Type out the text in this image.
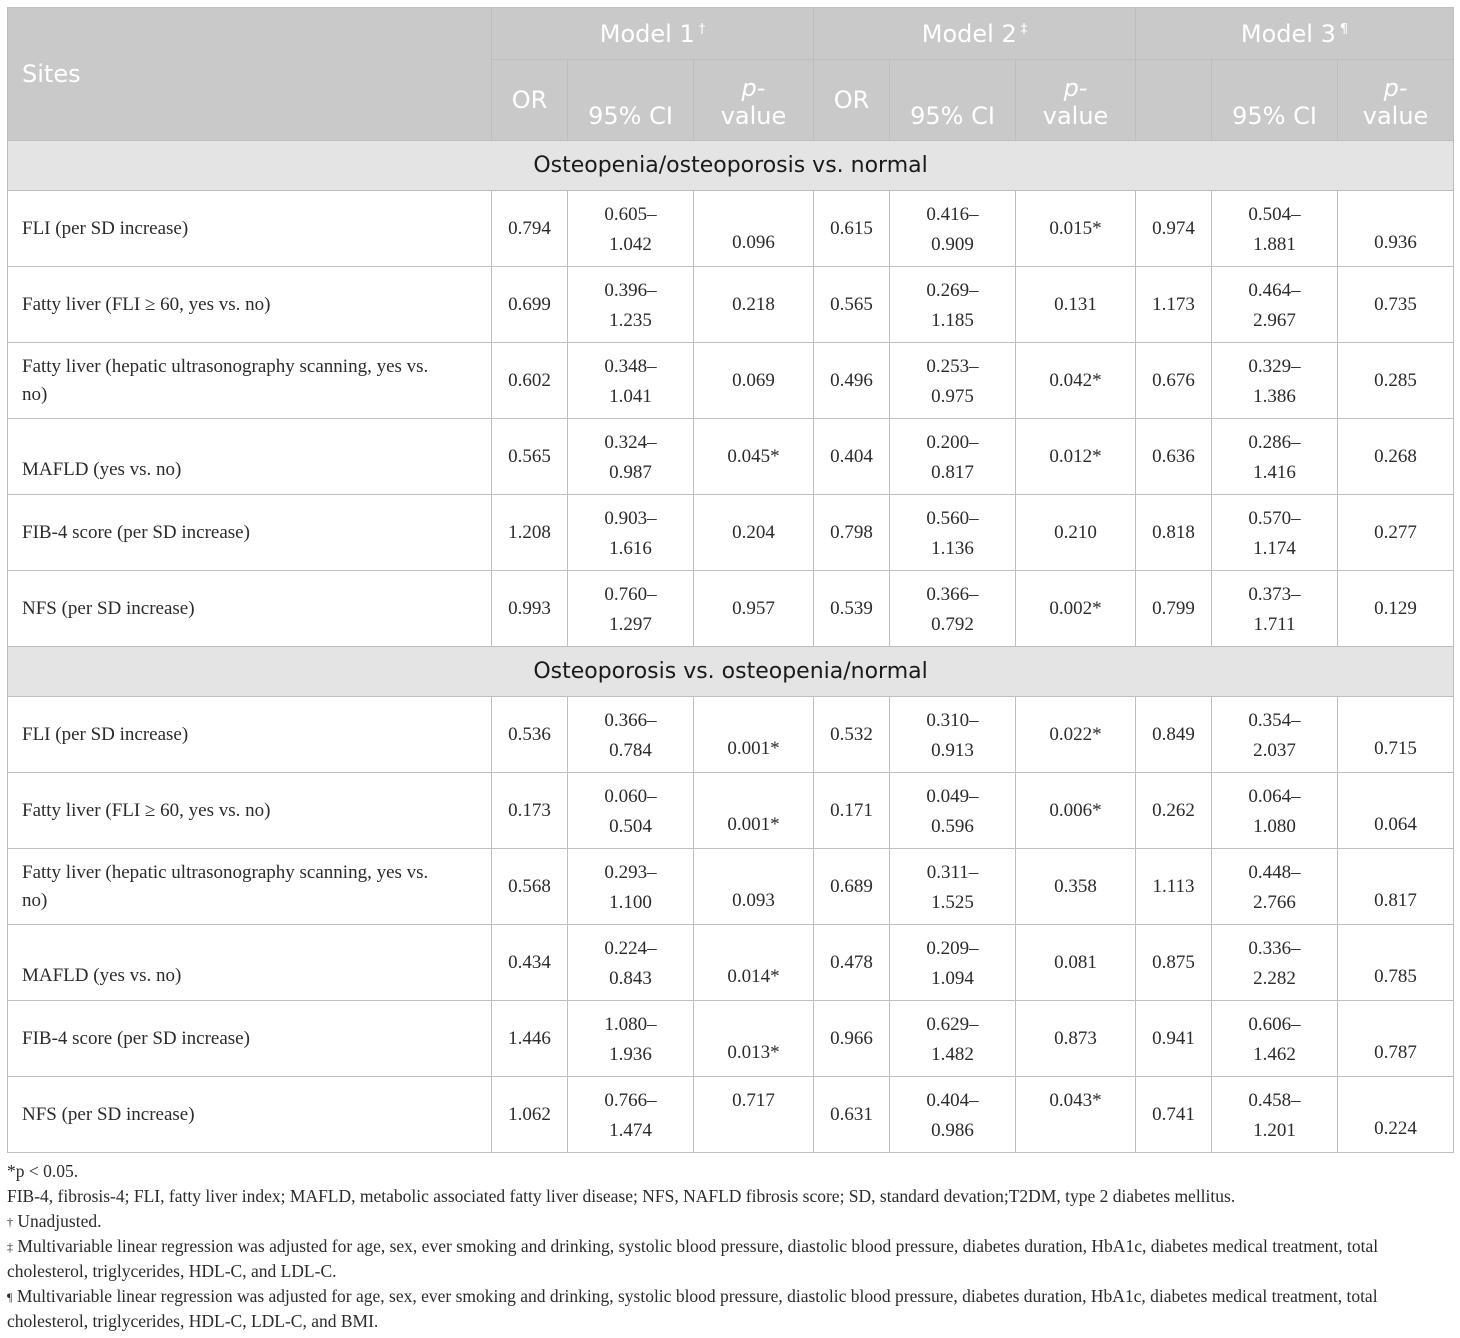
Sites	Model 1 †			Model 2 ‡			Model 3 ¶
	OR	95% CI	p-
value	OR	95% CI	p-
value		95% CI	p-
value

Osteopenia/osteoporosis vs. normal									
FLI (per SD increase)	0.794	0.605–
1.042	0.096	0.615	0.416–
0.909	0.015*	0.974	0.504–
1.881	0.936

Fatty liver (FLI ≥ 60, yes vs. no)	0.699	0.396–
1.235	0.218	0.565	0.269–
1.185	0.131	1.173	0.464–
2.967	0.735

Fatty liver (hepatic ultrasonography scanning, yes vs. no)	0.602	0.348–
1.041	0.069	0.496	0.253–
0.975	0.042*	0.676	0.329–
1.386	0.285

MAFLD (yes vs. no)	0.565	0.324–
0.987	0.045*	0.404	0.200–
0.817	0.012*	0.636	0.286–
1.416	0.268

FIB-4 score (per SD increase)	1.208	0.903–
1.616	0.204	0.798	0.560–
1.136	0.210	0.818	0.570–
1.174	0.277

NFS (per SD increase)	0.993	0.760–
1.297	0.957	0.539	0.366–
0.792	0.002*	0.799	0.373–
1.711	0.129

Osteoporosis vs. osteopenia/normal									
FLI (per SD increase)	0.536	0.366–
0.784	0.001*	0.532	0.310–
0.913	0.022*	0.849	0.354–
2.037	0.715

Fatty liver (FLI ≥ 60, yes vs. no)	0.173	0.060–
0.504	0.001*	0.171	0.049–
0.596	0.006*	0.262	0.064–
1.080	0.064

Fatty liver (hepatic ultrasonography scanning, yes vs. no)	0.568	0.293–
1.100	0.093	0.689	0.311–
1.525	0.358	1.113	0.448–
2.766	0.817

MAFLD (yes vs. no)	0.434	0.224–
0.843	0.014*	0.478	0.209–
1.094	0.081	0.875	0.336–
2.282	0.785

FIB-4 score (per SD increase)	1.446	1.080–
1.936	0.013*	0.966	0.629–
1.482	0.873	0.941	0.606–
1.462	0.787

NFS (per SD increase)	1.062	0.766–
1.474	0.717	0.631	0.404–
0.986	0.043*	0.741	0.458–
1.201	0.224
*p < 0.05.
FIB-4, fibrosis-4; FLI, fatty liver index; MAFLD, metabolic associated fatty liver disease; NFS, NAFLD fibrosis score; SD, standard devation;T2DM, type 2 diabetes mellitus.
† Unadjusted.
‡ Multivariable linear regression was adjusted for age, sex, ever smoking and drinking, systolic blood pressure, diastolic blood pressure, diabetes duration, HbA1c, diabetes medical treatment, total cholesterol, triglycerides, HDL-C, and LDL-C.
¶ Multivariable linear regression was adjusted for age, sex, ever smoking and drinking, systolic blood pressure, diastolic blood pressure, diabetes duration, HbA1c, diabetes medical treatment, total cholesterol, triglycerides, HDL-C, LDL-C, and BMI.
